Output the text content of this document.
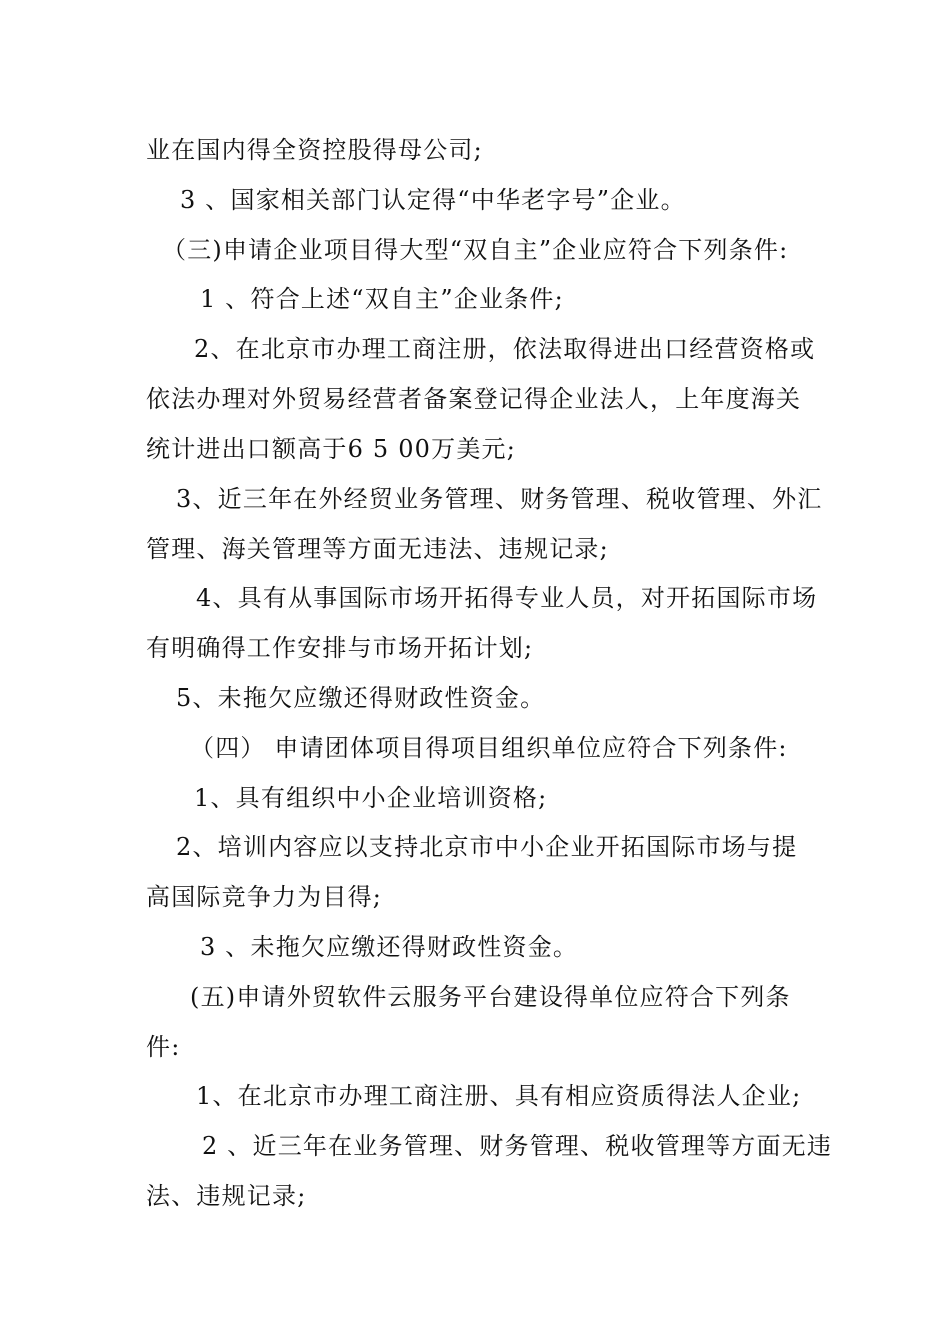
业在国内得全资控股得母公司;

3 、国家相关部门认定得“中华老字号”企业。

（三)申请企业项目得大型“双自主”企业应符合下列条件:

1 、符合上述“双自主”企业条件;

2、在北京市办理工商注册，依法取得进出口经营资格或

依法办理对外贸易经营者备案登记得企业法人，上年度海关

统计进出口额高于6 5 00万美元;

3、近三年在外经贸业务管理、财务管理、税收管理、外汇

管理、海关管理等方面无违法、违规记录;

4、具有从事国际市场开拓得专业人员，对开拓国际市场

有明确得工作安排与市场开拓计划;

5、未拖欠应缴还得财政性资金。

（四） 申请团体项目得项目组织单位应符合下列条件:

1、具有组织中小企业培训资格;

2、培训内容应以支持北京市中小企业开拓国际市场与提

高国际竞争力为目得;

3 、未拖欠应缴还得财政性资金。

(五)申请外贸软件云服务平台建设得单位应符合下列条

件:

1、在北京市办理工商注册、具有相应资质得法人企业;

2 、近三年在业务管理、财务管理、税收管理等方面无违

法、违规记录;
